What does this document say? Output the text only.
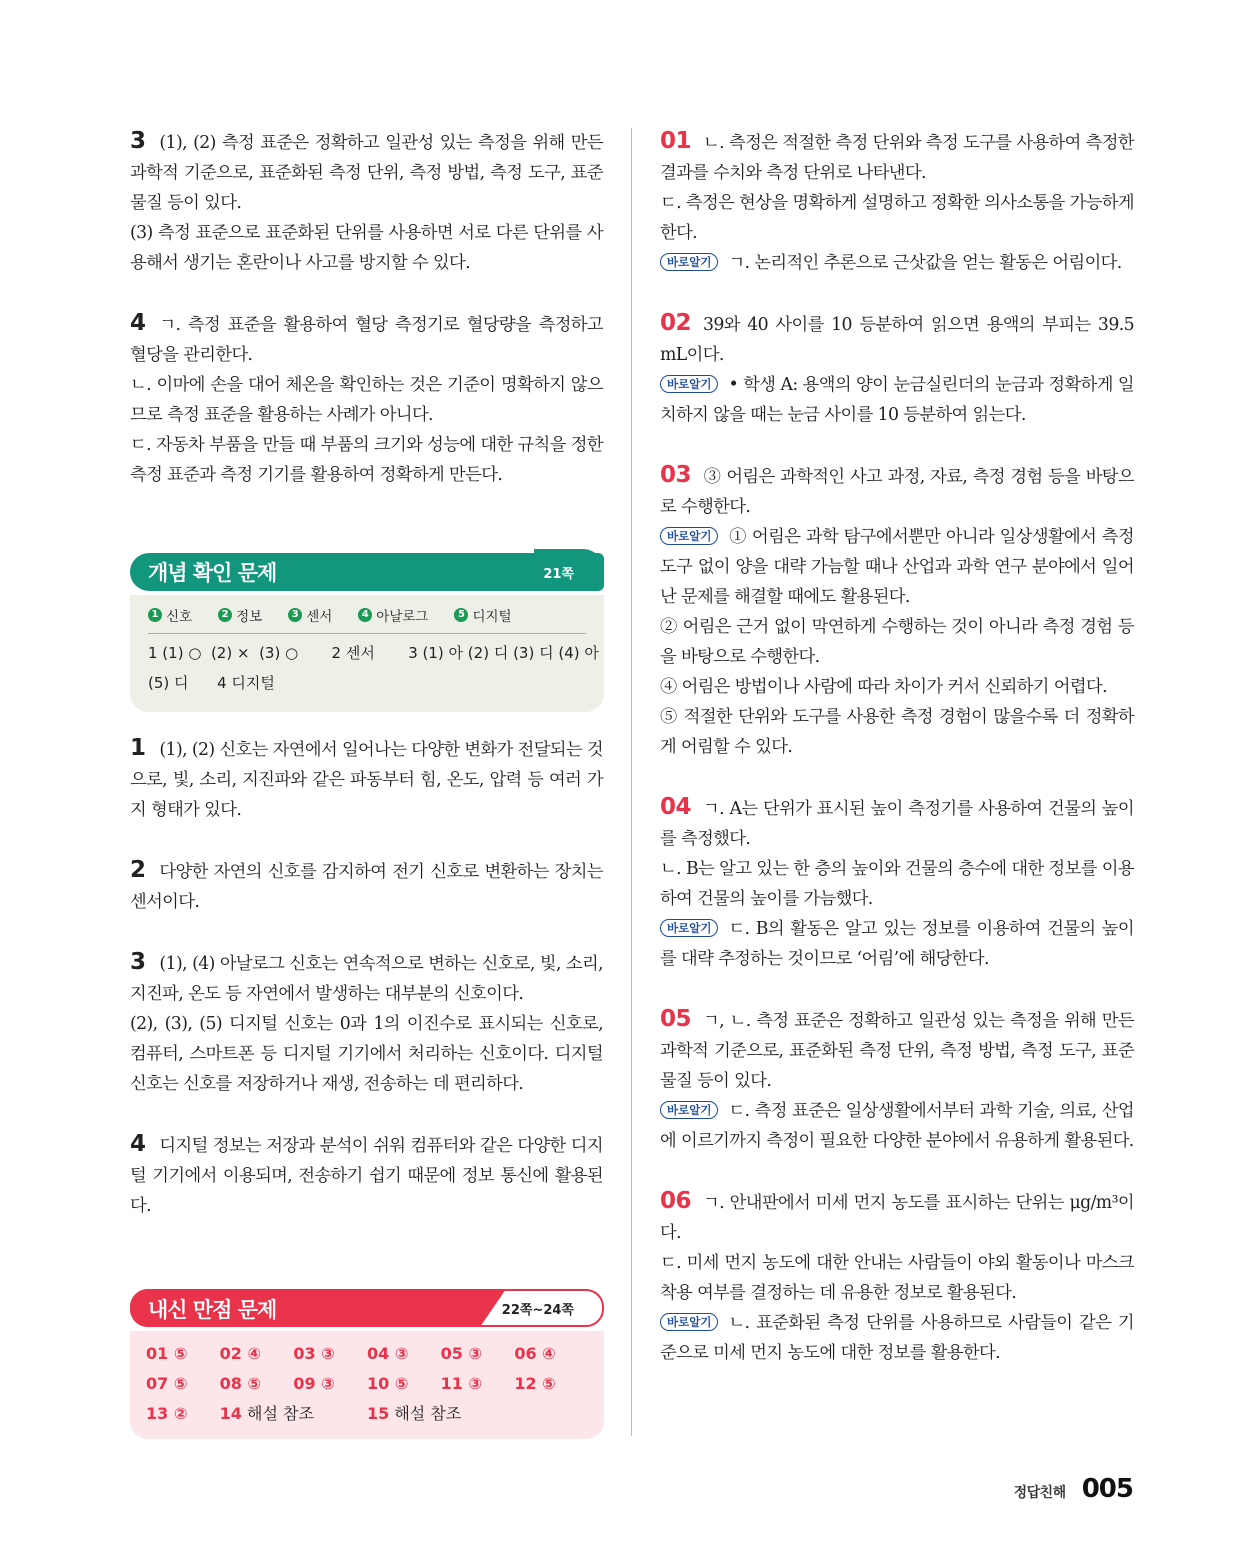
3 (1), (2) 측정 표준은 정확하고 일관성 있는 측정을 위해 만든 과학적 기준으로, 표준화된 측정 단위, 측정 방법, 측정 도구, 표준 물질 등이 있다.

(3) 측정 표준으로 표준화된 단위를 사용하면 서로 다른 단위를 사용해서 생기는 혼란이나 사고를 방지할 수 있다.

4 ㄱ. 측정 표준을 활용하여 혈당 측정기로 혈당량을 측정하고 혈당을 관리한다.

ㄴ. 이마에 손을 대어 체온을 확인하는 것은 기준이 명확하지 않으므로 측정 표준을 활용하는 사례가 아니다.

ㄷ. 자동차 부품을 만들 때 부품의 크기와 성능에 대한 규칙을 정한 측정 표준과 측정 기기를 활용하여 정확하게 만든다.

개념 확인 문제	21쪽
1 신호	2 정보	3 센서	4 아날로그	5 디지털
1 (1) ○  (2) ×  (3) ○       2 센서       3 (1) 아 (2) 디 (3) 디 (4) 아
(5) 디      4 디지털

1 (1), (2) 신호는 자연에서 일어나는 다양한 변화가 전달되는 것으로, 빛, 소리, 지진파와 같은 파동부터 힘, 온도, 압력 등 여러 가지 형태가 있다.

2 다양한 자연의 신호를 감지하여 전기 신호로 변환하는 장치는 센서이다.

3 (1), (4) 아날로그 신호는 연속적으로 변하는 신호로, 빛, 소리, 지진파, 온도 등 자연에서 발생하는 대부분의 신호이다.

(2), (3), (5) 디지털 신호는 0과 1의 이진수로 표시되는 신호로, 컴퓨터, 스마트폰 등 디지털 기기에서 처리하는 신호이다. 디지털 신호는 신호를 저장하거나 재생, 전송하는 데 편리하다.

4 디지털 정보는 저장과 분석이 쉬워 컴퓨터와 같은 다양한 디지털 기기에서 이용되며, 전송하기 쉽기 때문에 정보 통신에 활용된다.

내신 만점 문제	22쪽~24쪽
01 ⑤	02 ④	03 ③	04 ③	05 ③	06 ④
07 ⑤	08 ⑤	09 ③	10 ⑤	11 ③	12 ⑤
13 ②	14 해설 참조	15 해설 참조

01 ㄴ. 측정은 적절한 측정 단위와 측정 도구를 사용하여 측정한 결과를 수치와 측정 단위로 나타낸다.

ㄷ. 측정은 현상을 명확하게 설명하고 정확한 의사소통을 가능하게 한다.

바로알기 ㄱ. 논리적인 추론으로 근삿값을 얻는 활동은 어림이다.

02 39와 40 사이를 10 등분하여 읽으면 용액의 부피는 39.5 mL이다.

바로알기 • 학생 A: 용액의 양이 눈금실린더의 눈금과 정확하게 일치하지 않을 때는 눈금 사이를 10 등분하여 읽는다.

03 ③ 어림은 과학적인 사고 과정, 자료, 측정 경험 등을 바탕으로 수행한다.

바로알기 ① 어림은 과학 탐구에서뿐만 아니라 일상생활에서 측정 도구 없이 양을 대략 가늠할 때나 산업과 과학 연구 분야에서 일어난 문제를 해결할 때에도 활용된다.

② 어림은 근거 없이 막연하게 수행하는 것이 아니라 측정 경험 등을 바탕으로 수행한다.

④ 어림은 방법이나 사람에 따라 차이가 커서 신뢰하기 어렵다.

⑤ 적절한 단위와 도구를 사용한 측정 경험이 많을수록 더 정확하게 어림할 수 있다.

04 ㄱ. A는 단위가 표시된 높이 측정기를 사용하여 건물의 높이를 측정했다.

ㄴ. B는 알고 있는 한 층의 높이와 건물의 층수에 대한 정보를 이용하여 건물의 높이를 가늠했다.

바로알기 ㄷ. B의 활동은 알고 있는 정보를 이용하여 건물의 높이를 대략 추정하는 것이므로 ‘어림’에 해당한다.

05 ㄱ, ㄴ. 측정 표준은 정확하고 일관성 있는 측정을 위해 만든 과학적 기준으로, 표준화된 측정 단위, 측정 방법, 측정 도구, 표준 물질 등이 있다.

바로알기 ㄷ. 측정 표준은 일상생활에서부터 과학 기술, 의료, 산업에 이르기까지 측정이 필요한 다양한 분야에서 유용하게 활용된다.

06 ㄱ. 안내판에서 미세 먼지 농도를 표시하는 단위는 μg/m³이다.

ㄷ. 미세 먼지 농도에 대한 안내는 사람들이 야외 활동이나 마스크 착용 여부를 결정하는 데 유용한 정보로 활용된다.

바로알기 ㄴ. 표준화된 측정 단위를 사용하므로 사람들이 같은 기준으로 미세 먼지 농도에 대한 정보를 활용한다.

정답친해 005
